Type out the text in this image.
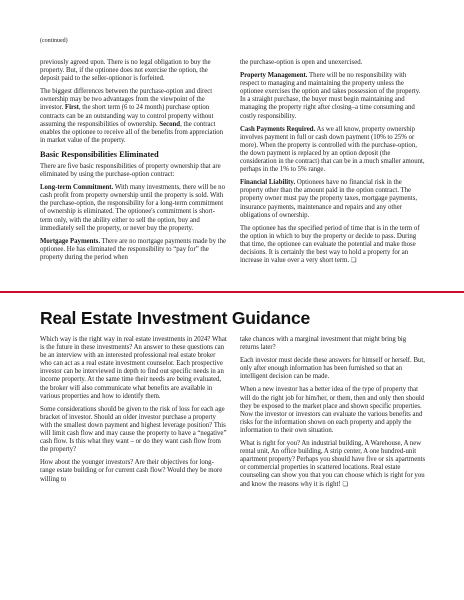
(continued)

previously agreed upon. There is no legal obligation to buy the property. But, if the optionee does not exercise the option, the deposit paid to the seller-optionor is forfeited.

The biggest differences between the purchase-option and direct ownership may be two advantages from the viewpoint of the investor. First, the short term (6 to 24 month) purchase option contracts can be an outstanding way to control property without assuming the responsibilities of ownership. Second, the contract enables the optionee to receive all of the benefits from appreciation in market value of the property.

Basic Responsibilities Eliminated

There are five basic responsibilities of property ownership that are eliminated by using the purchase-option contract:

Long-term Commitment. With many investments, there will be no cash profit from property ownership until the property is sold. With the purchase-option, the responsibility for a long-term commitment of ownership is eliminated. The optionee's commitment is short-term only, with the ability either to sell the option, buy and immediately sell the property, or never buy the property.

Mortgage Payments. There are no mortgage payments made by the optionee. He has eliminated the responsibility to “pay for” the property during the period when

the purchase-option is open and unexercised.

Property Management. There will be no responsibility with respect to managing and maintaining the property unless the optionee exercises the option and takes possession of the property. In a straight purchase, the buyer must begin maintaining and managing the property right after closing–a time consuming and costly responsibility.

Cash Payments Required. As we all know, property ownership involves payment in full or cash down payment (10% to 25% or more). When the property is controlled with the purchase-option, the down payment is replaced by an option deposit (the consideration in the contract) that can be in a much smaller amount, perhaps in the 1% to 5% range.

Financial Liability. Optionees have no financial risk in the property other than the amount paid in the option contract. The property owner must pay the property taxes, mortgage payments, insurance payments, maintenance and repairs and any other obligations of ownership.

The optionee has the specified period of time that is in the term of the option in which to buy the property or decide to pass. During that time, the optionee can evaluate the potential and make those decisions. It is certainly the best way to hold a property for an increase in value over a very short term. ❏

Real Estate Investment Guidance

Which way is the right way in real estate investments in 2024? What is the future in these investments? An answer to these questions can be an interview with an interested professional real estate broker who can act as a real estate investment counselor. Each prospective investor can be interviewed in depth to find out specific needs in an income property. At the same time their needs are being evaluated, the broker will also communicate what benefits are available in various properties and how to identify them.

Some considerations should be given to the risk of loss for each age bracket of investor. Should an older investor purchase a property with the smallest down payment and highest leverage position? This will limit cash flow and may cause the property to have a “negative” cash flow. Is this what they want – or do they want cash flow from the property?

How about the younger investors? Are their objectives for long-range estate building or for current cash flow? Would they be more willing to

take chances with a marginal investment that might bring big returns later?

Each investor must decide these answers for himself or herself. But, only after enough information has been furnished so that an intelligent decision can be made.

When a new investor has a better idea of the type of property that will do the right job for him/her, or them, then and only then should they be exposed to the market place and shown specific properties. Now the investor or investors can evaluate the various benefits and risks for the information shown on each property and apply the information to their own situation.

What is right for you? An industrial building, A Warehouse, A new rental unit, An office building, A strip center, A one hundred-unit apartment property? Perhaps you should have five or six apartments or commercial properties in scattered locations. Real estate counseling can show you that you can choose which is right for you and know the reasons why it is right! ❏
